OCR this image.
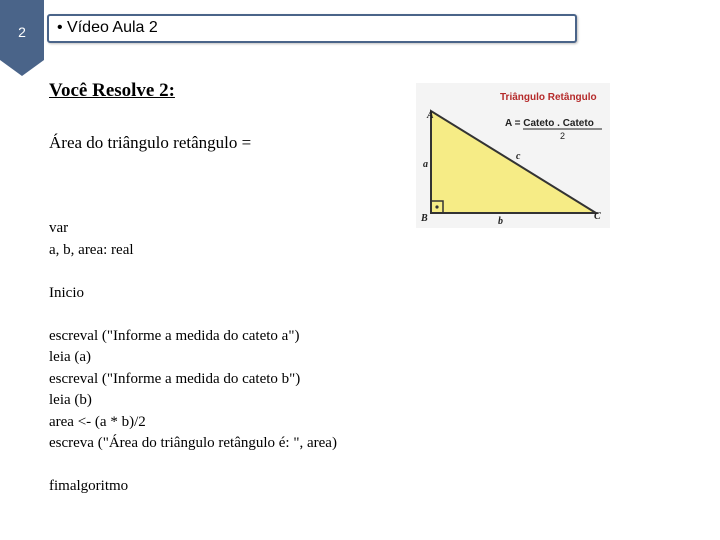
2	• Vídeo Aula 2
Você Resolve 2:
Área do triângulo retângulo =
var
a, b, area: real
Inicio
escreval ("Informe a medida do cateto a")
leia (a)
escreval ("Informe a medida do cateto b")
leia (b)
area <- (a * b)/2
escreva ("Área do triângulo retângulo é: ", area)
fimalgoritmo
Triângulo Retângulo
A = Cateto . Cateto
2
A
B	C
a
b
c
